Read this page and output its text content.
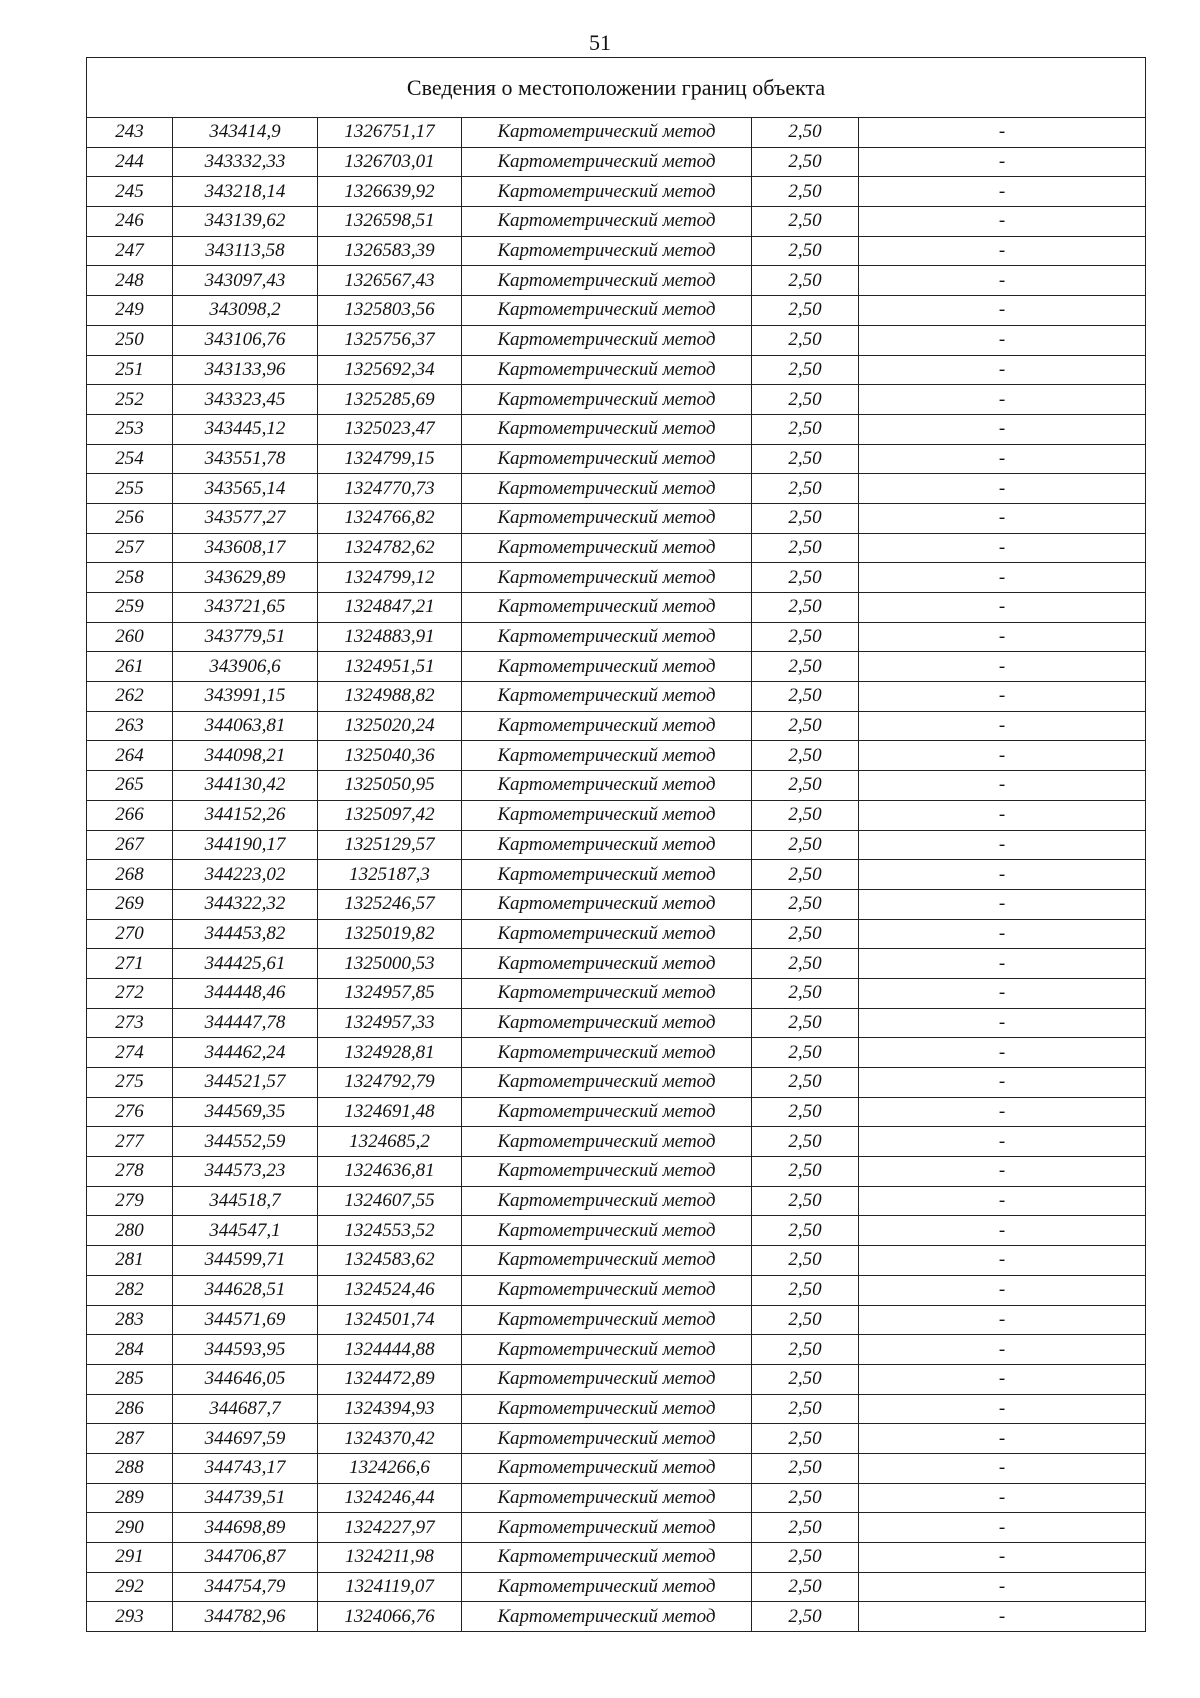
51
Сведения о местоположении границ объекта					
243	343414,9	1326751,17	Картометрический метод	2,50	-
244	343332,33	1326703,01	Картометрический метод	2,50	-
245	343218,14	1326639,92	Картометрический метод	2,50	-
246	343139,62	1326598,51	Картометрический метод	2,50	-
247	343113,58	1326583,39	Картометрический метод	2,50	-
248	343097,43	1326567,43	Картометрический метод	2,50	-
249	343098,2	1325803,56	Картометрический метод	2,50	-
250	343106,76	1325756,37	Картометрический метод	2,50	-
251	343133,96	1325692,34	Картометрический метод	2,50	-
252	343323,45	1325285,69	Картометрический метод	2,50	-
253	343445,12	1325023,47	Картометрический метод	2,50	-
254	343551,78	1324799,15	Картометрический метод	2,50	-
255	343565,14	1324770,73	Картометрический метод	2,50	-
256	343577,27	1324766,82	Картометрический метод	2,50	-
257	343608,17	1324782,62	Картометрический метод	2,50	-
258	343629,89	1324799,12	Картометрический метод	2,50	-
259	343721,65	1324847,21	Картометрический метод	2,50	-
260	343779,51	1324883,91	Картометрический метод	2,50	-
261	343906,6	1324951,51	Картометрический метод	2,50	-
262	343991,15	1324988,82	Картометрический метод	2,50	-
263	344063,81	1325020,24	Картометрический метод	2,50	-
264	344098,21	1325040,36	Картометрический метод	2,50	-
265	344130,42	1325050,95	Картометрический метод	2,50	-
266	344152,26	1325097,42	Картометрический метод	2,50	-
267	344190,17	1325129,57	Картометрический метод	2,50	-
268	344223,02	1325187,3	Картометрический метод	2,50	-
269	344322,32	1325246,57	Картометрический метод	2,50	-
270	344453,82	1325019,82	Картометрический метод	2,50	-
271	344425,61	1325000,53	Картометрический метод	2,50	-
272	344448,46	1324957,85	Картометрический метод	2,50	-
273	344447,78	1324957,33	Картометрический метод	2,50	-
274	344462,24	1324928,81	Картометрический метод	2,50	-
275	344521,57	1324792,79	Картометрический метод	2,50	-
276	344569,35	1324691,48	Картометрический метод	2,50	-
277	344552,59	1324685,2	Картометрический метод	2,50	-
278	344573,23	1324636,81	Картометрический метод	2,50	-
279	344518,7	1324607,55	Картометрический метод	2,50	-
280	344547,1	1324553,52	Картометрический метод	2,50	-
281	344599,71	1324583,62	Картометрический метод	2,50	-
282	344628,51	1324524,46	Картометрический метод	2,50	-
283	344571,69	1324501,74	Картометрический метод	2,50	-
284	344593,95	1324444,88	Картометрический метод	2,50	-
285	344646,05	1324472,89	Картометрический метод	2,50	-
286	344687,7	1324394,93	Картометрический метод	2,50	-
287	344697,59	1324370,42	Картометрический метод	2,50	-
288	344743,17	1324266,6	Картометрический метод	2,50	-
289	344739,51	1324246,44	Картометрический метод	2,50	-
290	344698,89	1324227,97	Картометрический метод	2,50	-
291	344706,87	1324211,98	Картометрический метод	2,50	-
292	344754,79	1324119,07	Картометрический метод	2,50	-
293	344782,96	1324066,76	Картометрический метод	2,50	-
